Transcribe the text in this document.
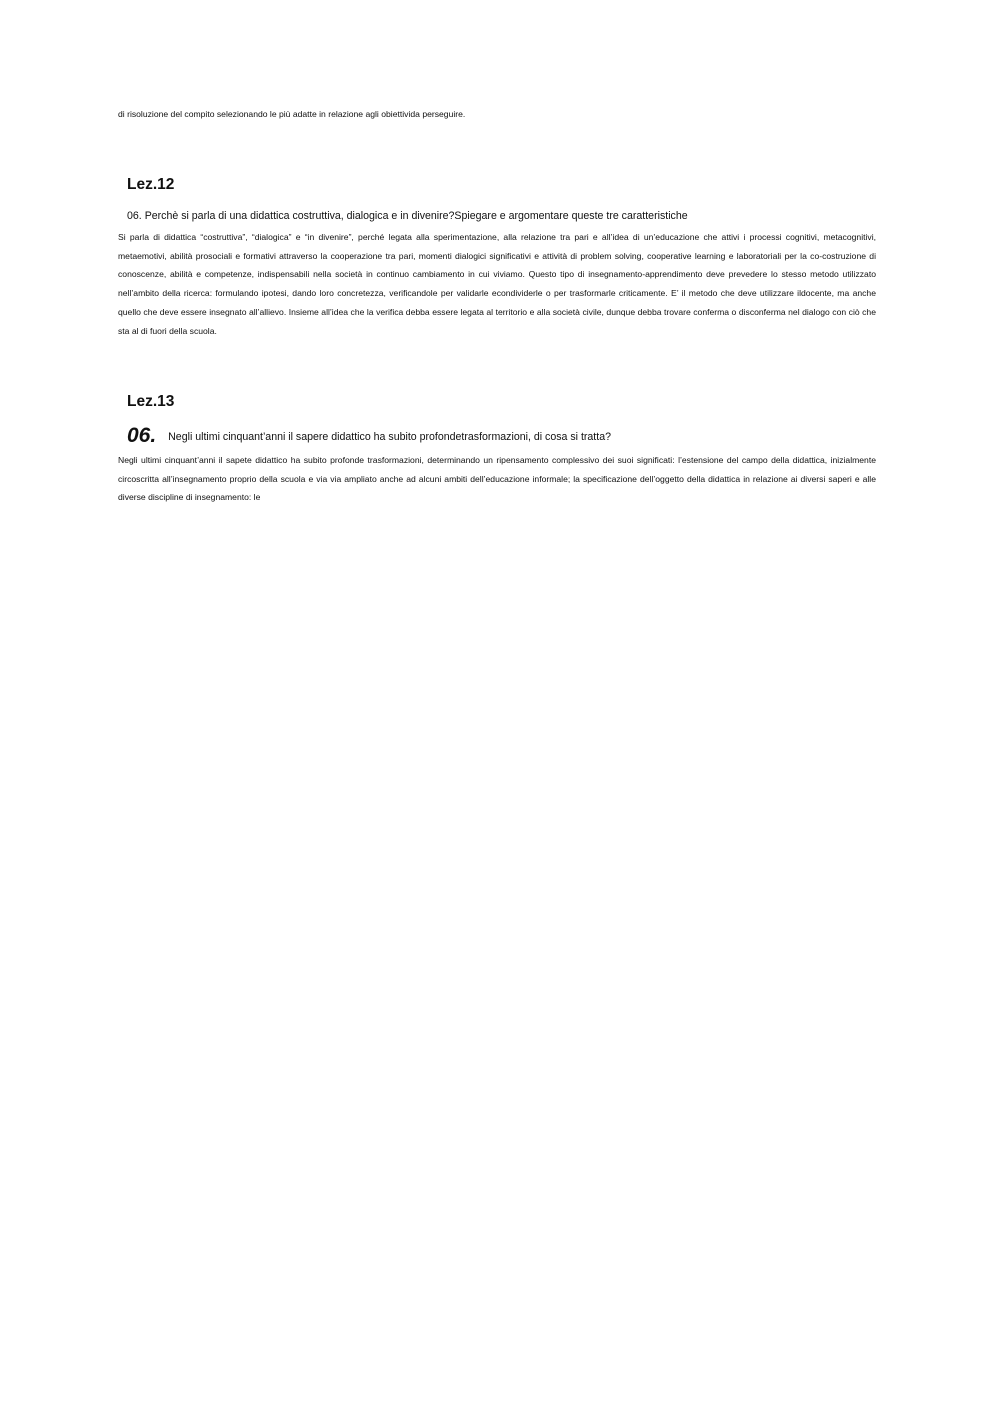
di risoluzione del compito selezionando le più adatte in relazione agli obiettivida perseguire.
Lez.12
06. Perchè si parla di una didattica costruttiva, dialogica e in divenire?Spiegare e argomentare queste tre caratteristiche

Si parla di didattica “costruttiva”, “dialogica” e “in divenire”, perché legata alla sperimentazione, alla relazione tra pari e all’idea di un’educazione che attivi i processi cognitivi, metacognitivi, metaemotivi, abilità prosociali e formativi attraverso la cooperazione tra pari, momenti dialogici significativi e attività di problem solving, cooperative learning e laboratoriali per la co-costruzione di conoscenze, abilità e competenze, indispensabili nella società in continuo cambiamento in cui viviamo. Questo tipo di insegnamento-apprendimento deve prevedere lo stesso metodo utilizzato nell’ambito della ricerca: formulando ipotesi, dando loro concretezza, verificandole per validarle econdividerle o per trasformarle criticamente. E’ il metodo che deve utilizzare ildocente, ma anche quello che deve essere insegnato all’allievo. Insieme all’idea che la verifica debba essere legata al territorio e alla società civile, dunque debba trovare conferma o disconferma nel dialogo con ciò che sta al di fuori della scuola.

Lez.13
06. Negli ultimi cinquant’anni il sapere didattico ha subito profondetrasformazioni, di cosa si tratta?

Negli ultimi cinquant’anni il sapete didattico ha subito profonde trasformazioni, determinando un ripensamento complessivo dei suoi significati: l’estensione del campo della didattica, inizialmente circoscritta all’insegnamento proprio della scuola e via via ampliato anche ad alcuni ambiti dell’educazione informale; la specificazione dell’oggetto della didattica in relazione ai diversi saperi e alle diverse discipline di insegnamento: le
